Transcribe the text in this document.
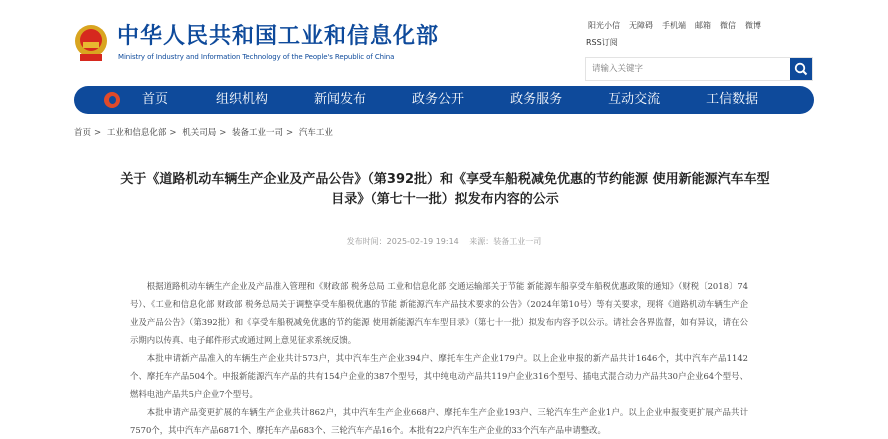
中华人民共和国工业和信息化部
Ministry of Industry and Information Technology of the People's Republic of China
阳光小信 无障碍 手机端 邮箱 微信 微博
RSS订阅
请输入关键字
首页	组织机构	新闻发布	政务公开	政务服务	互动交流	工信数据
首页 > 工业和信息化部 > 机关司局 > 装备工业一司 > 汽车工业
关于《道路机动车辆生产企业及产品公告》（第392批）和《享受车船税减免优惠的节约能源 使用新能源汽车车型目录》（第七十一批）拟发布内容的公示
发布时间：2025-02-19 19:14　 来源：装备工业一司

根据道路机动车辆生产企业及产品准入管理和《财政部 税务总局 工业和信息化部 交通运输部关于节能 新能源车船享受车船税优惠政策的通知》（财税〔2018〕74号）、《工业和信息化部 财政部 税务总局关于调整享受车船税优惠的节能 新能源汽车产品技术要求的公告》（2024年第10号）等有关要求，现将《道路机动车辆生产企业及产品公告》（第392批）和《享受车船税减免优惠的节约能源 使用新能源汽车车型目录》（第七十一批）拟发布内容予以公示。请社会各界监督，如有异议，请在公示期内以传真、电子邮件形式或通过网上意见征求系统反馈。

本批申请新产品准入的车辆生产企业共计573户，其中汽车生产企业394户、摩托车生产企业179户。以上企业申报的新产品共计1646个，其中汽车产品1142个、摩托车产品504个。申报新能源汽车产品的共有154户企业的387个型号，其中纯电动产品共119户企业316个型号、插电式混合动力产品共30户企业64个型号、燃料电池产品共5户企业7个型号。

本批申请产品变更扩展的车辆生产企业共计862户，其中汽车生产企业668户、摩托车生产企业193户、三轮汽车生产企业1户。以上企业申报变更扩展产品共计7570个，其中汽车产品6871个、摩托车产品683个、三轮汽车产品16个。本批有22户汽车生产企业的33个汽车产品申请整改。
